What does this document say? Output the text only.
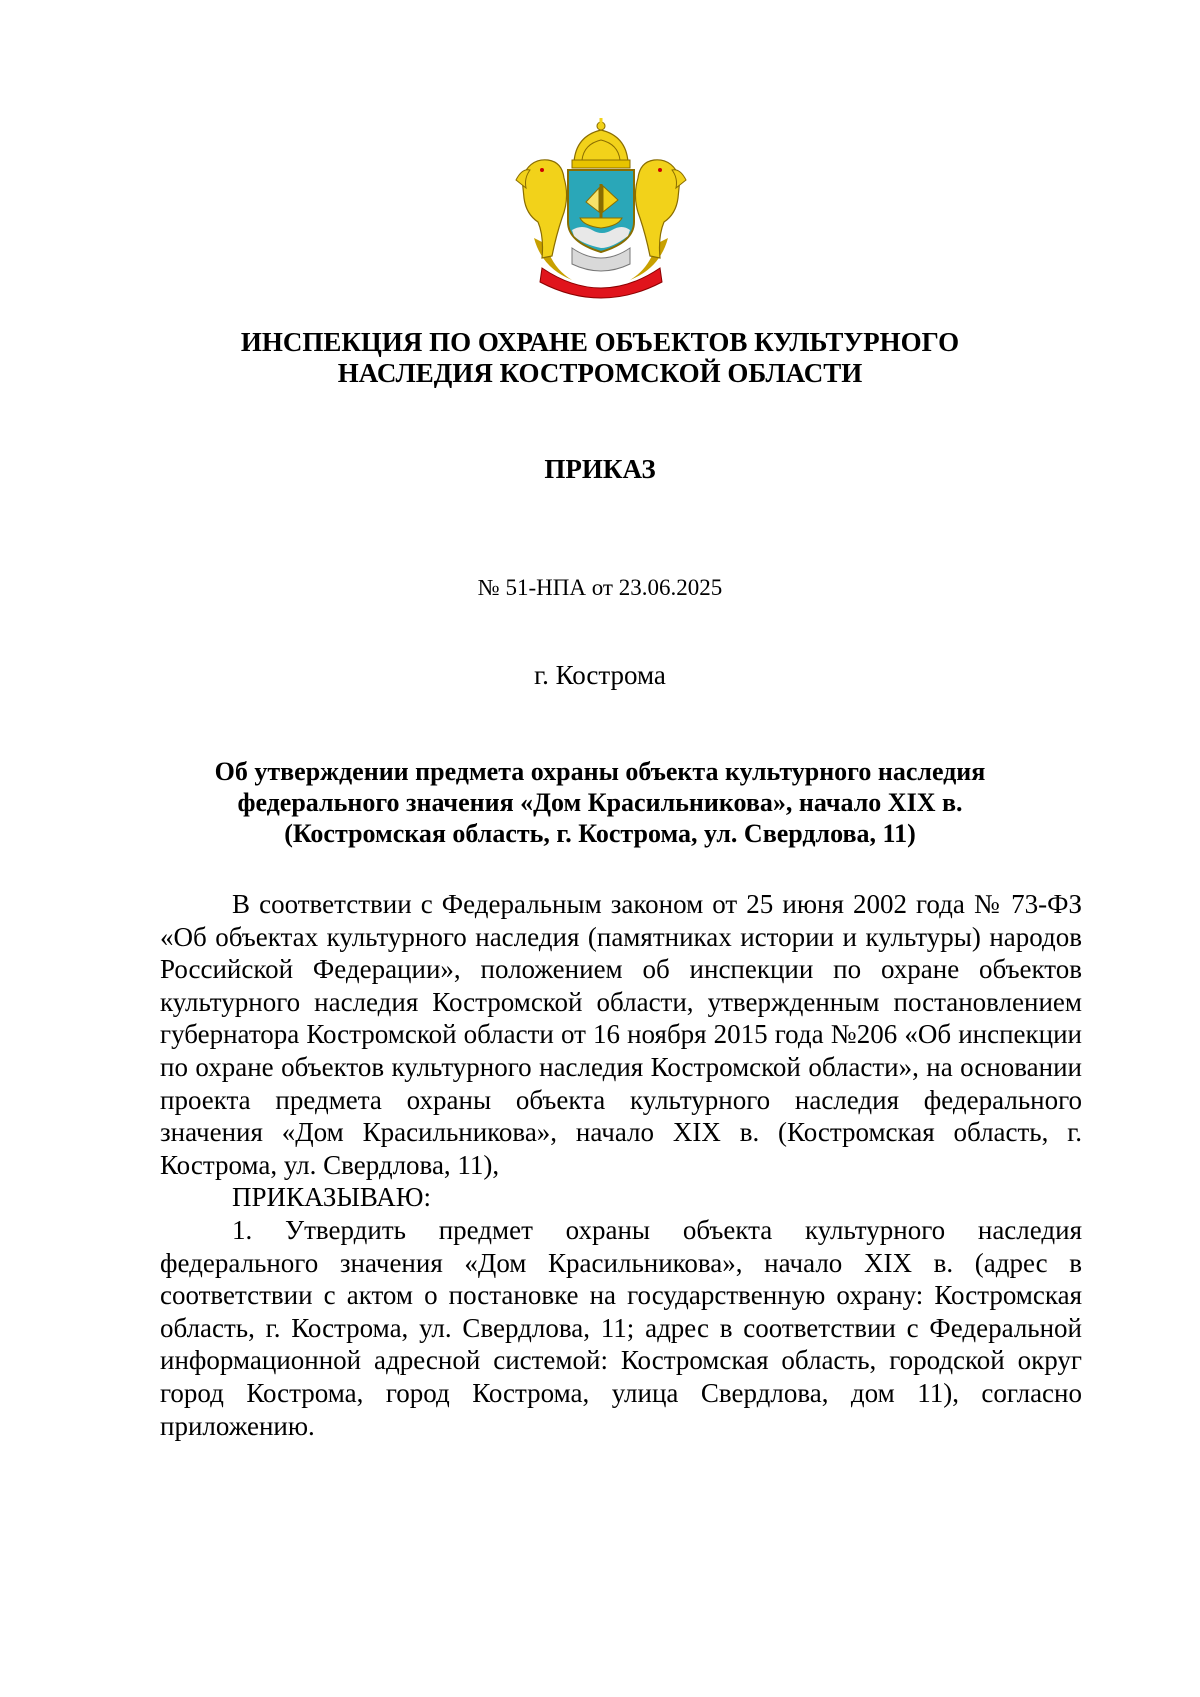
ИНСПЕКЦИЯ ПО ОХРАНЕ ОБЪЕКТОВ КУЛЬТУРНОГО
НАСЛЕДИЯ КОСТРОМСКОЙ ОБЛАСТИ
ПРИКАЗ
№ 51-НПА от 23.06.2025
г. Кострома
Об утверждении предмета охраны объекта культурного наследия
федерального значения «Дом Красильникова», начало XIX в.
(Костромская область, г. Кострома, ул. Свердлова, 11)

В соответствии с Федеральным законом от 25 июня 2002 года № 73-ФЗ «Об объектах культурного наследия (памятниках истории и культуры) народов Российской Федерации», положением об инспекции по охране объектов культурного наследия Костромской области, утвержденным постановлением губернатора Костромской области от 16 ноября 2015 года №206 «Об инспекции по охране объектов культурного наследия Костромской области», на основании проекта предмета охраны объекта культурного наследия федерального значения «Дом Красильникова», начало XIX в. (Костромская область, г. Кострома, ул. Свердлова, 11),

ПРИКАЗЫВАЮ:

1. Утвердить предмет охраны объекта культурного наследия федерального значения «Дом Красильникова», начало XIX в. (адрес в соответствии с актом о постановке на государственную охрану: Костромская область, г. Кострома, ул. Свердлова, 11; адрес в соответствии с Федеральной информационной адресной системой: Костромская область, городской округ город Кострома, город Кострома, улица Свердлова, дом 11), согласно приложению.
